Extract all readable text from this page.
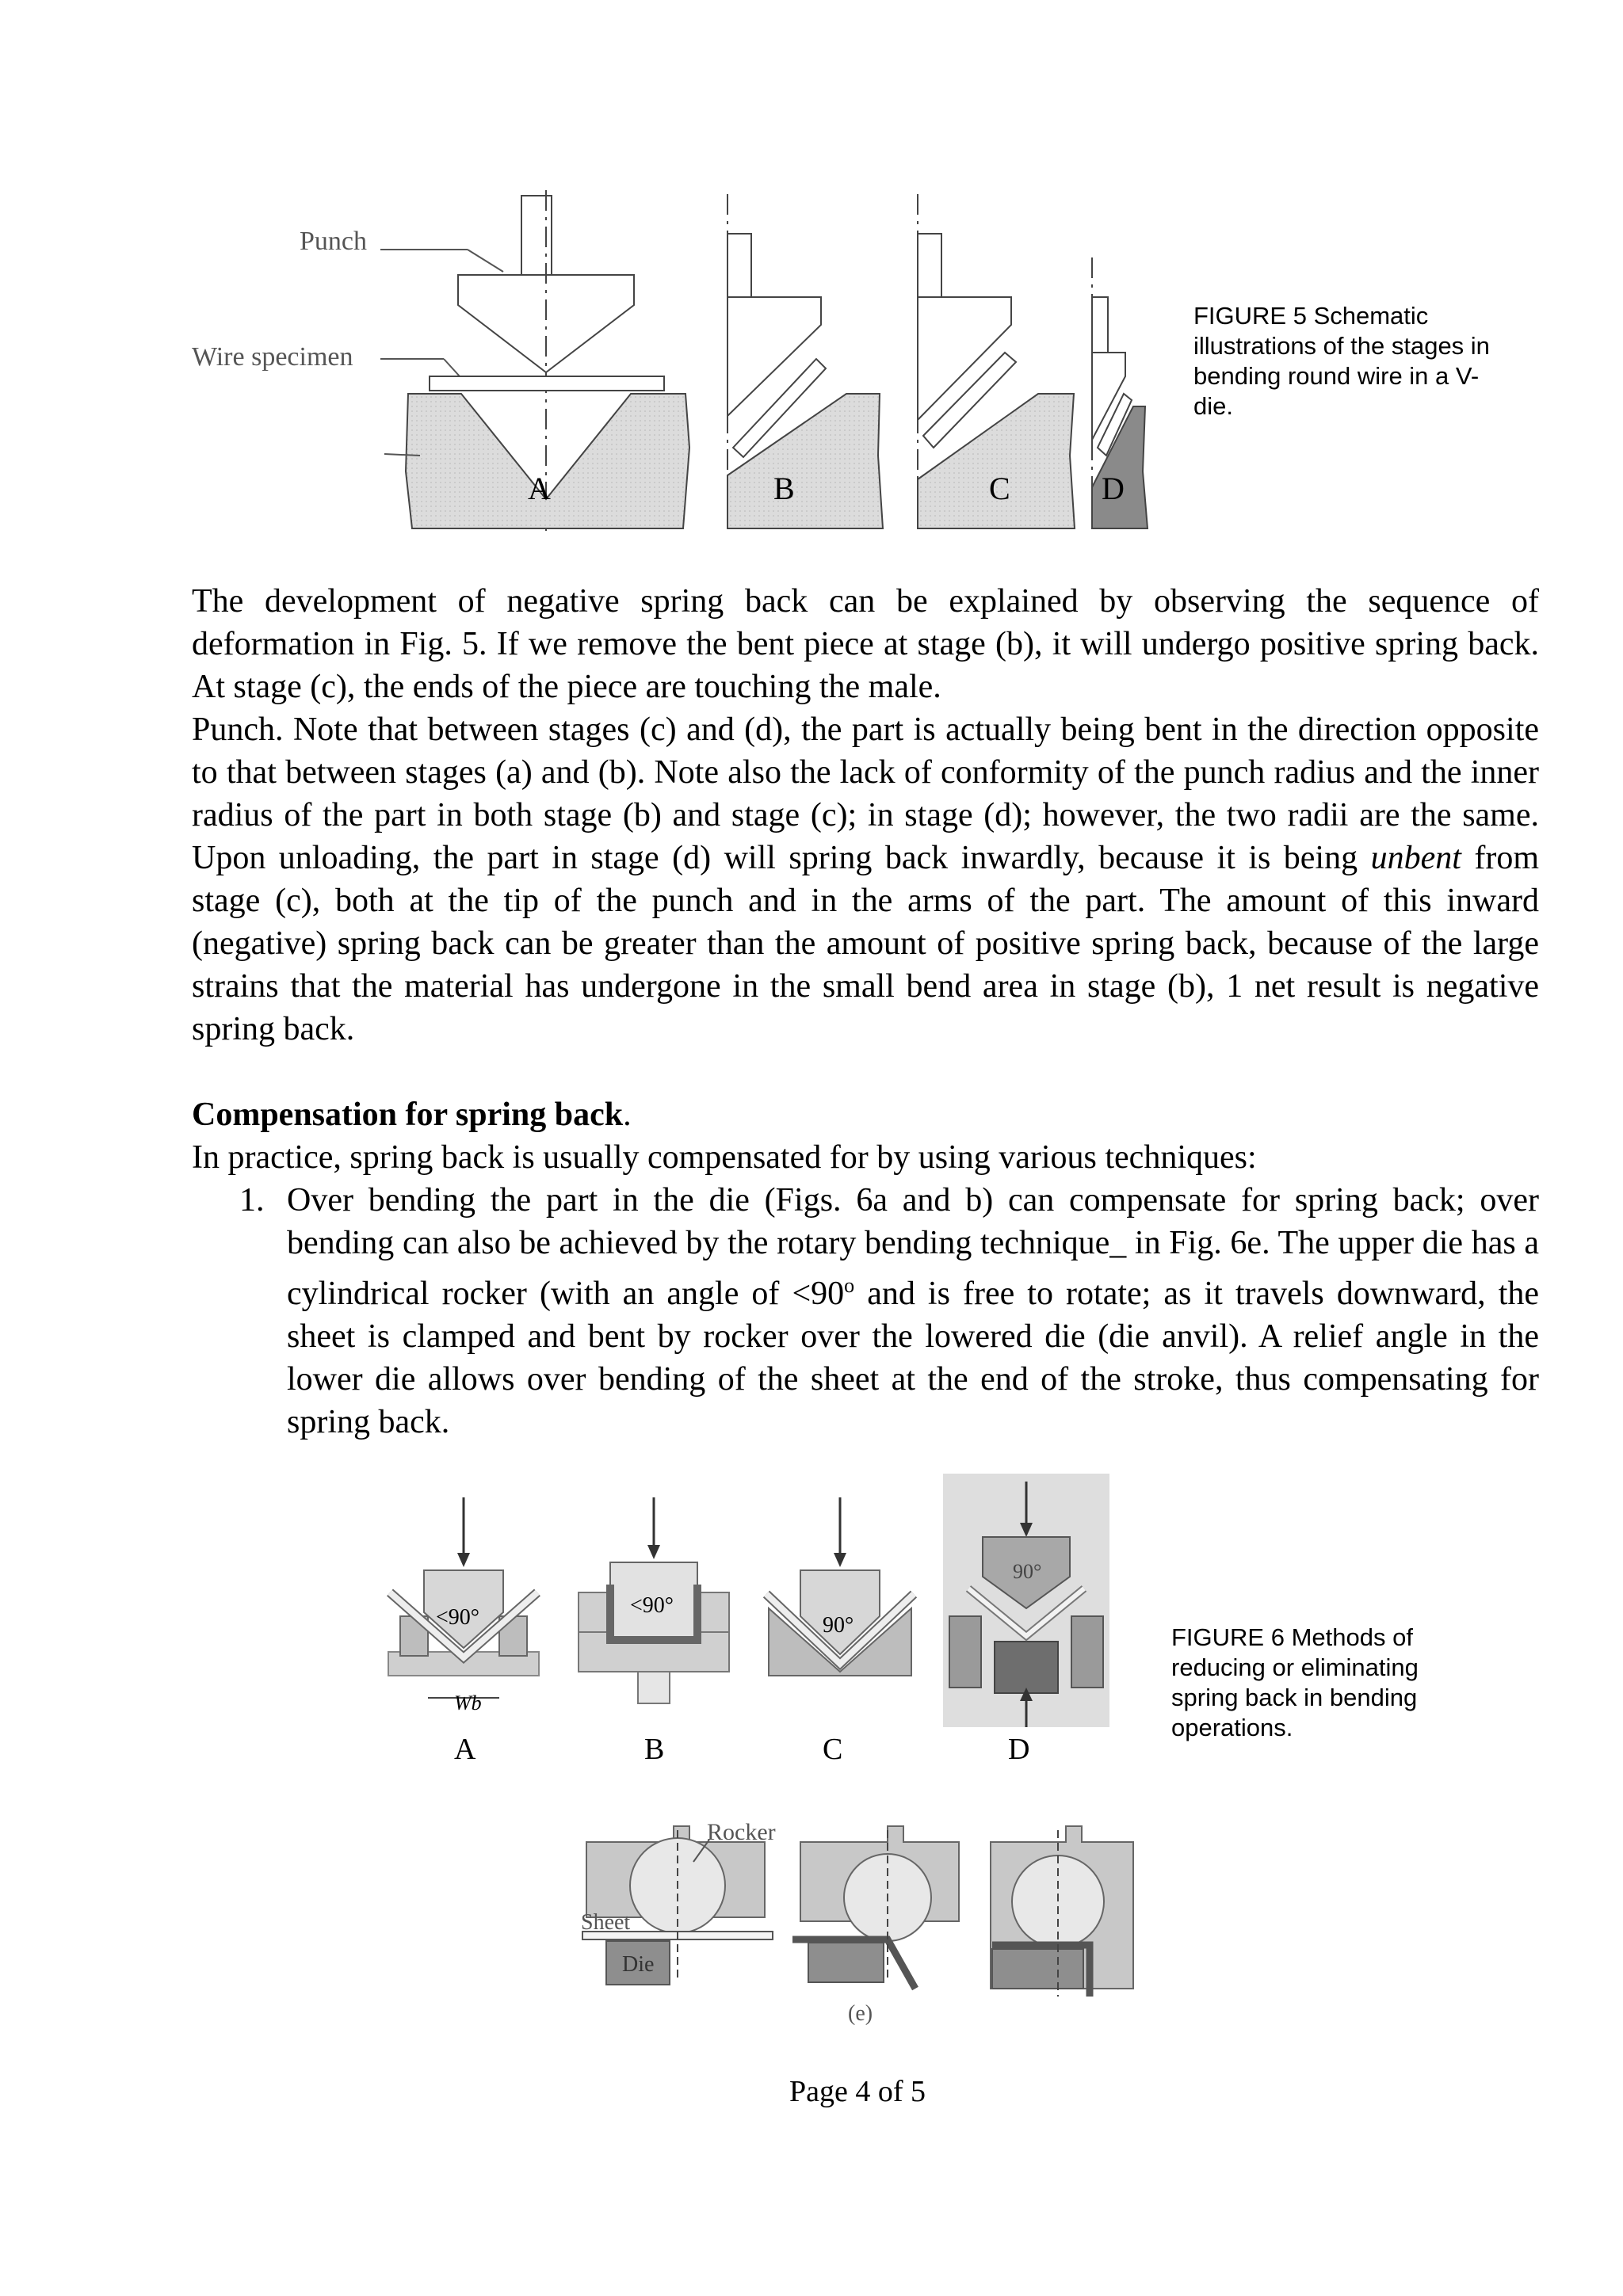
Punch
Wire specimen
A	B	C	D
FIGURE 5 Schematic illustrations of the stages in bending round wire in a V-die.

The development of negative spring back can be explained by observing the sequence of deformation in Fig. 5. If we remove the bent piece at stage (b), it will undergo positive spring back. At stage (c), the ends of the piece are touching the male.

Punch. Note that between stages (c) and (d), the part is actually being bent in the direction opposite to that between stages (a) and (b). Note also the lack of conformity of the punch radius and the inner radius of the part in both stage (b) and stage (c); in stage (d); however, the two radii are the same. Upon unloading, the part in stage (d) will spring back inwardly, because it is being unbent from stage (c), both at the tip of the punch and in the arms of the part. The amount of this inward (negative) spring back can be greater than the amount of positive spring back, because of the large strains that the material has undergone in the small bend area in stage (b), 1 net result is negative spring back.

Compensation for spring back.

In practice, spring back is usually compensated for by using various techniques:

1. Over bending the part in the die (Figs. 6a and b) can compensate for spring back; over bending can also be achieved by the rotary bending technique_ in Fig. 6e. The upper die has a cylindrical rocker (with an angle of $<90^o$ and is free to rotate; as it travels downward, the sheet is clamped and bent by rocker over the lowered die (die anvil). A relief angle in the lower die allows over bending of the sheet at the end of the stroke, thus compensating for spring back.
<90°
Wb
<90°
90°
90°
A	B	C	D
Rocker
Sheet
Die
(e)
FIGURE 6 Methods of reducing or eliminating spring back in bending operations.
Page 4 of 5
